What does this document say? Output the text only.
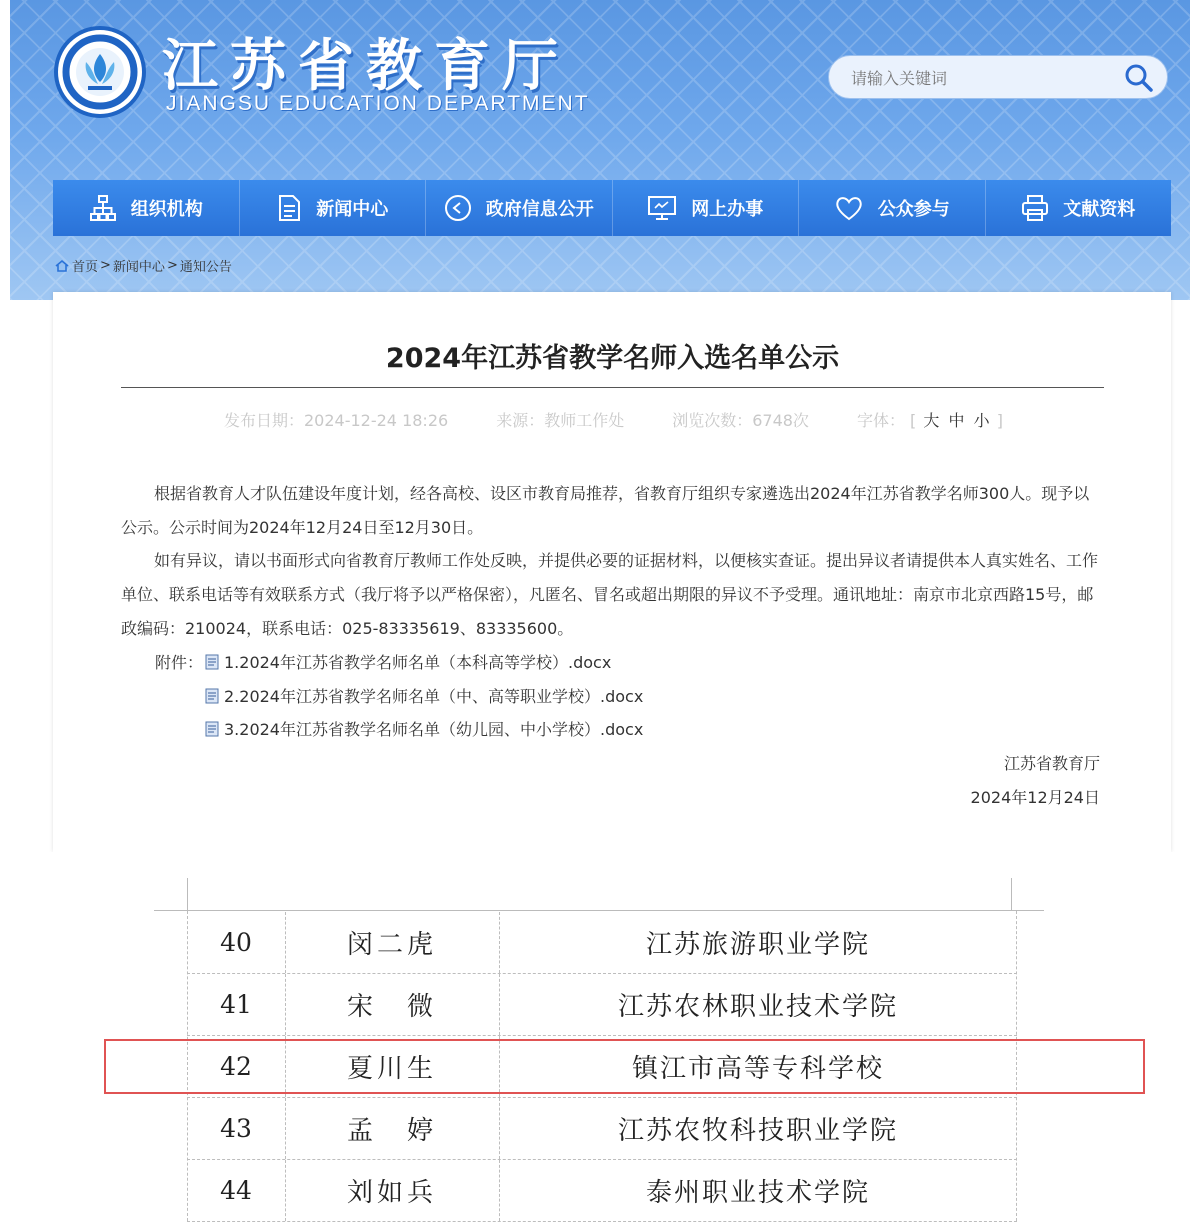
江苏省教育厅
JIANGSU EDUCATION DEPARTMENT
请输入关键词
组织机构	新闻中心	政府信息公开	网上办事	公众参与	文献资料
首页 > 新闻中心 > 通知公告
2024年江苏省教学名师入选名单公示
发布日期：2024-12-24 18:26	来源：教师工作处	浏览次数：6748次	字体： [ 大 中 小 ]

根据省教育人才队伍建设年度计划，经各高校、设区市教育局推荐，省教育厅组织专家遴选出2024年江苏省教学名师300人。现予以公示。公示时间为2024年12月24日至12月30日。

如有异议，请以书面形式向省教育厅教师工作处反映，并提供必要的证据材料，以便核实查证。提出异议者请提供本人真实姓名、工作单位、联系电话等有效联系方式（我厅将予以严格保密），凡匿名、冒名或超出期限的异议不予受理。通讯地址：南京市北京西路15号，邮政编码：210024，联系电话：025-83335619、83335600。

附件： 1.2024年江苏省教学名师名单（本科高等学校）.docx
2.2024年江苏省教学名师名单（中、高等职业学校）.docx
3.2024年江苏省教学名师名单（幼儿园、中小学校）.docx
江苏省教育厅
2024年12月24日
40	闵二虎	江苏旅游职业学院
41	宋　微	江苏农林职业技术学院
42	夏川生	镇江市高等专科学校
43	孟　婷	江苏农牧科技职业学院
44	刘如兵	泰州职业技术学院
